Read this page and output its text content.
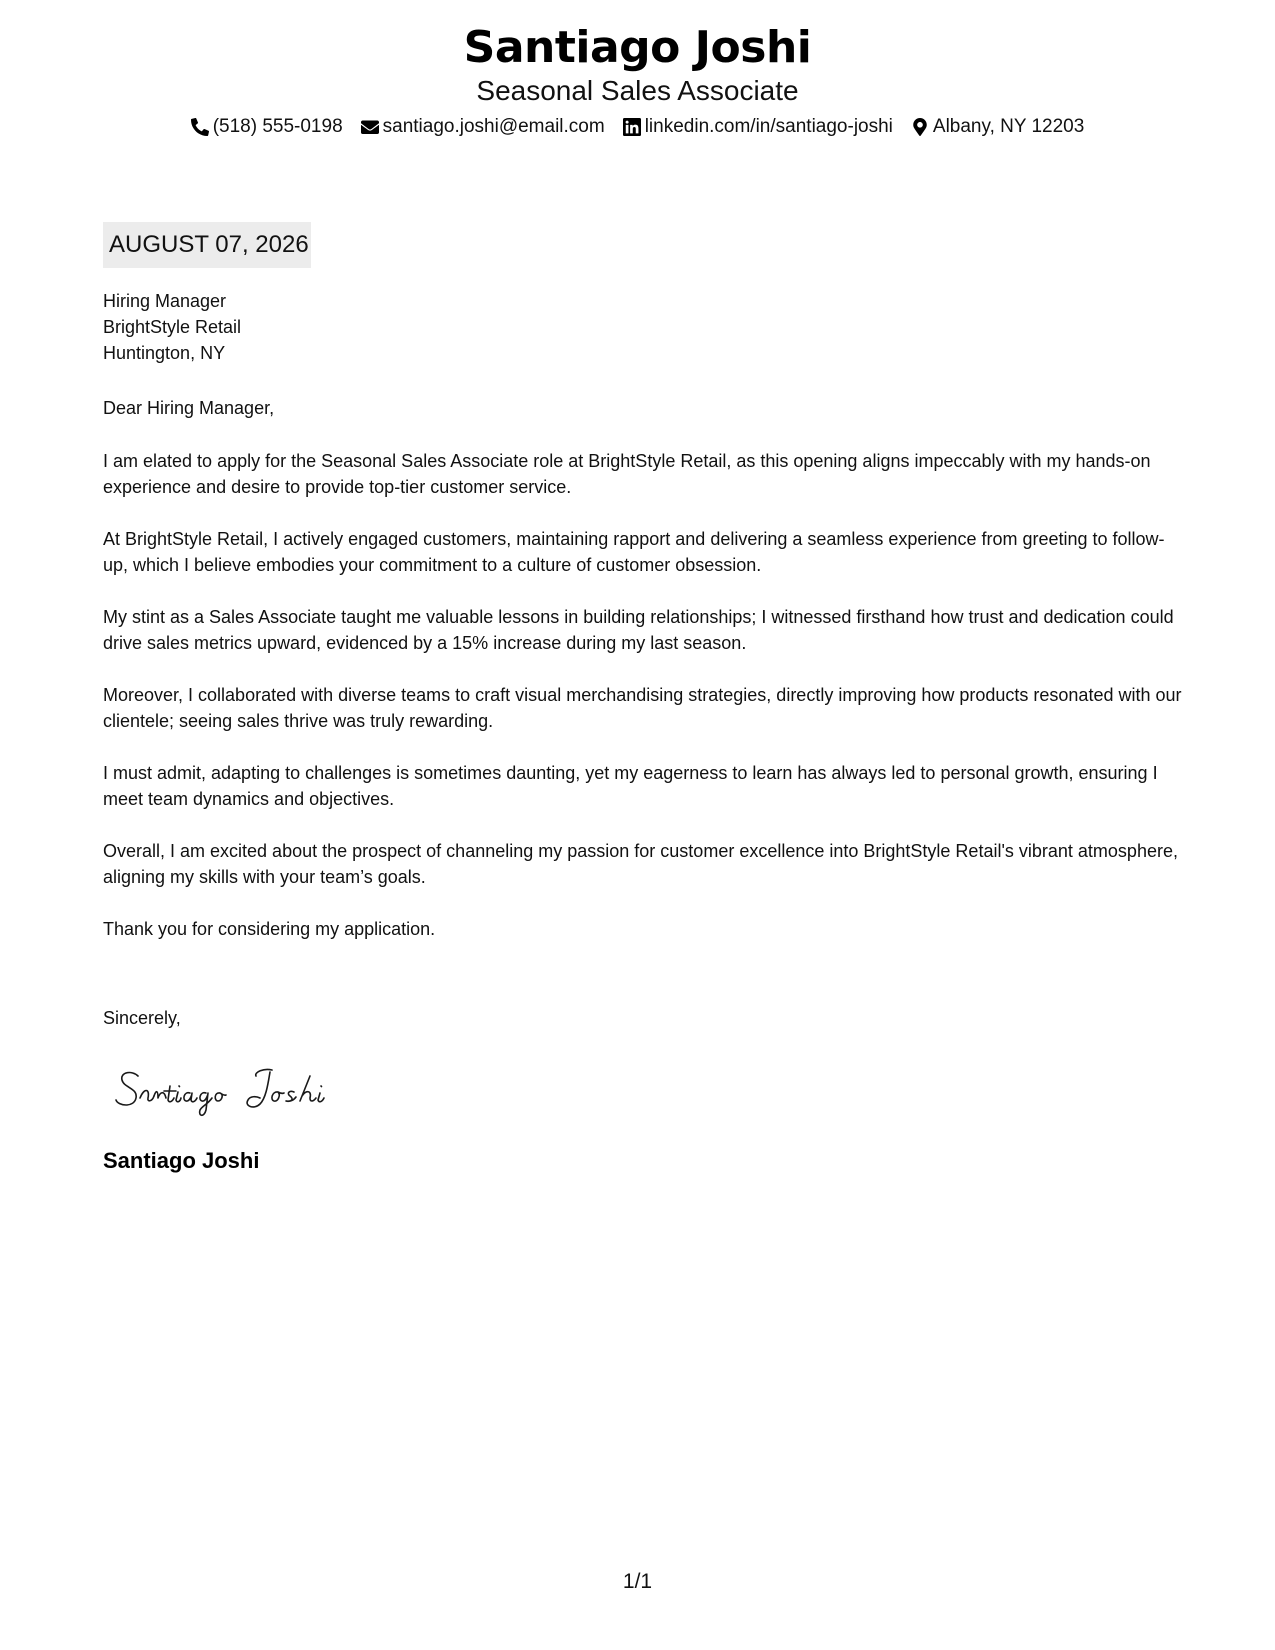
Santiago Joshi
Seasonal Sales Associate
(518) 555-0198 santiago.joshi@email.com linkedin.com/in/santiago-joshi Albany, NY 12203
AUGUST 07, 2026
Hiring Manager
BrightStyle Retail
Huntington, NY
Dear Hiring Manager,

I am elated to apply for the Seasonal Sales Associate role at BrightStyle Retail, as this opening aligns impeccably with my hands-on experience and desire to provide top-tier customer service.

At BrightStyle Retail, I actively engaged customers, maintaining rapport and delivering a seamless experience from greeting to follow-up, which I believe embodies your commitment to a culture of customer obsession.

My stint as a Sales Associate taught me valuable lessons in building relationships; I witnessed firsthand how trust and dedication could drive sales metrics upward, evidenced by a 15% increase during my last season.

Moreover, I collaborated with diverse teams to craft visual merchandising strategies, directly improving how products resonated with our clientele; seeing sales thrive was truly rewarding.

I must admit, adapting to challenges is sometimes daunting, yet my eagerness to learn has always led to personal growth, ensuring I meet team dynamics and objectives.

Overall, I am excited about the prospect of channeling my passion for customer excellence into BrightStyle Retail's vibrant atmosphere, aligning my skills with your team’s goals.

Thank you for considering my application.

Sincerely,
Santiago Joshi
1/1
